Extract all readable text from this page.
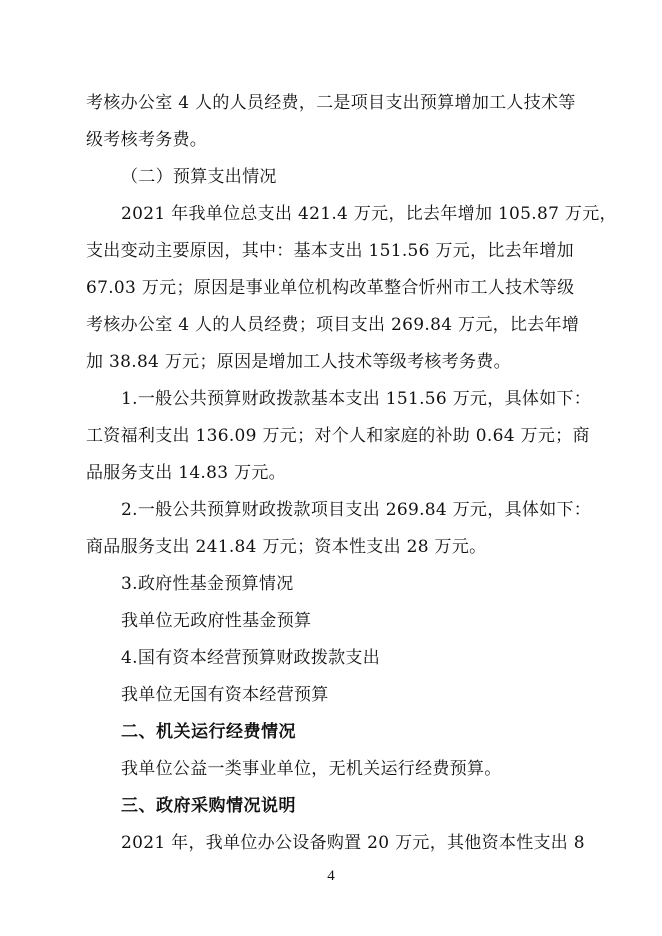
考核办公室 4 人的人员经费，二是项目支出预算增加工人技术等
级考核考务费。
（二）预算支出情况
2021 年我单位总支出 421.4 万元，比去年增加 105.87 万元，
支出变动主要原因，其中：基本支出 151.56 万元，比去年增加
67.03 万元；原因是事业单位机构改革整合忻州市工人技术等级
考核办公室 4 人的人员经费；项目支出 269.84 万元，比去年增
加 38.84 万元；原因是增加工人技术等级考核考务费。
1.一般公共预算财政拨款基本支出 151.56 万元，具体如下：
工资福利支出 136.09 万元；对个人和家庭的补助 0.64 万元；商
品服务支出 14.83 万元。
2.一般公共预算财政拨款项目支出 269.84 万元，具体如下：
商品服务支出 241.84 万元；资本性支出 28 万元。
3.政府性基金预算情况
我单位无政府性基金预算
4.国有资本经营预算财政拨款支出
我单位无国有资本经营预算
二、机关运行经费情况
我单位公益一类事业单位，无机关运行经费预算。
三、政府采购情况说明
2021 年，我单位办公设备购置 20 万元，其他资本性支出 8
4
